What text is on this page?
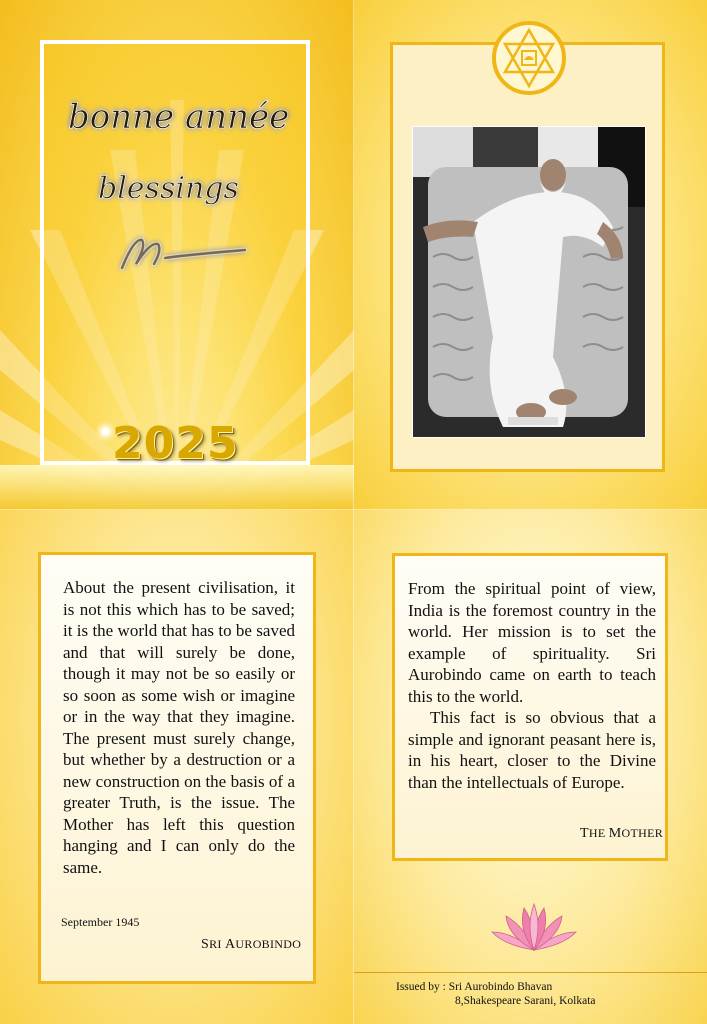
bonne année
blessings
2025

About the present civilisation, it is not this which has to be saved; it is the world that has to be saved and that will surely be done, though it may not be so easily or so soon as some wish or imagine or in the way that they imagine. The present must surely change, but whether by a destruction or a new construction on the basis of a greater Truth, is the issue. The Mother has left this question hanging and I can only do the same.

September 1945
SRI AUROBINDO

From the spiritual point of view, India is the foremost country in the world. Her mission is to set the example of spirituality. Sri Aurobindo came on earth to teach this to the world.

This fact is so obvious that a simple and ignorant peasant here is, in his heart, closer to the Divine than the intellectuals of Europe.

THE MOTHER
Issued by : Sri Aurobindo Bhavan

8,Shakespeare Sarani, Kolkata
